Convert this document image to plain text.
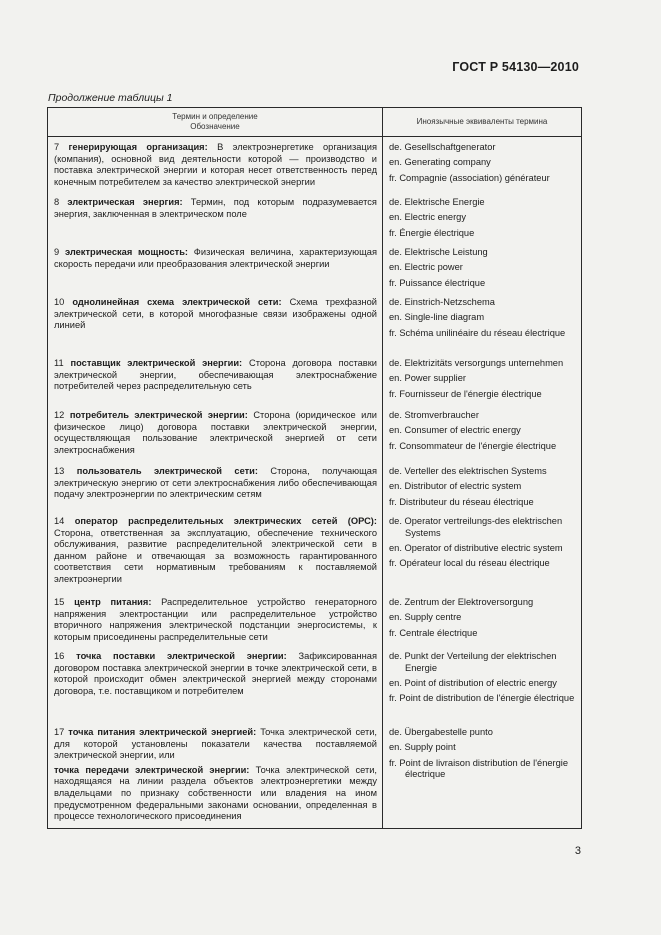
ГОСТ Р 54130—2010
Продолжение таблицы 1
Термин и определение
Обозначение
Иноязычные эквиваленты термина

7 генерирующая организация: В электроэнергетике организация (компания), основной вид деятельности которой — производство и поставка электрической энергии и которая несет ответственность перед конечным потребителем за качество электрической энергии

de. Gesellschaftgenerator
en. Generating company
fr. Compagnie (association) générateur

8 электрическая энергия: Термин, под которым подразумевается энергия, заключенная в электрическом поле

de. Elektrische Energie
en. Electric energy
fr. Énergie électrique

9 электрическая мощность: Физическая величина, характеризующая скорость передачи или преобразования электрической энергии

de. Elektrische Leistung
en. Electric power
fr. Puissance électrique

10 однолинейная схема электрической сети: Схема трехфазной электрической сети, в которой многофазные связи изображены одной линией

de. Einstrich-Netzschema
en. Single-line diagram
fr. Schéma unilinéaire du réseau électrique

11 поставщик электрической энергии: Сторона договора поставки электрической энергии, обеспечивающая электроснабжение потребителей через распределительную сеть

de. Elektrizitäts versorgungs unternehmen
en. Power supplier
fr. Fournisseur de l'énergie électrique

12 потребитель электрической энергии: Сторона (юридическое или физическое лицо) договора поставки электрической энергии, осуществляющая пользование электрической энергией от сети электроснабжения

de. Stromverbraucher
en. Consumer of electric energy
fr. Consommateur de l'énergie électrique

13 пользователь электрической сети: Сторона, получающая электрическую энергию от сети электроснабжения либо обеспечивающая подачу электроэнергии по электрическим сетям

de. Verteller des elektrischen Systems
en. Distributor of electric system
fr. Distributeur du réseau électrique

14 оператор распределительных электрических сетей (ОРС): Сторона, ответственная за эксплуатацию, обеспечение технического обслуживания, развитие распределительной электрической сети в данном районе и отвечающая за возможность гарантированного соответствия сети нормативным требованиям к поставляемой электроэнергии

de. Operator vertreilungs-des elektrischen Systems
en. Operator of distributive electric system
fr. Opérateur local du réseau électrique

15 центр питания: Распределительное устройство генераторного напряжения электростанции или распределительное устройство вторичного напряжения электрической подстанции энергосистемы, к которым присоединены распределительные сети

de. Zentrum der Elektroversorgung
en. Supply centre
fr. Centrale électrique

16 точка поставки электрической энергии: Зафиксированная договором поставка электрической энергии в точке электрической сети, в которой происходит обмен электрической энергией между сторонами договора, т.е. поставщиком и потребителем

de. Punkt der Verteilung der elektrischen Energie
en. Point of distribution of electric energy
fr. Point de distribution de l'énergie électrique

17 точка питания электрической энергией: Точка электрической сети, для которой установлены показатели качества поставляемой электрической энергии, или

точка передачи электрической энергии: Точка электрической сети, находящаяся на линии раздела объектов электроэнергетики между владельцами по признаку собственности или владения на ином предусмотренном федеральными законами основании, определенная в процессе технологического присоединения

de. Übergabestelle punto
en. Supply point
fr. Point de livraison distribution de l'énergie électrique
3
